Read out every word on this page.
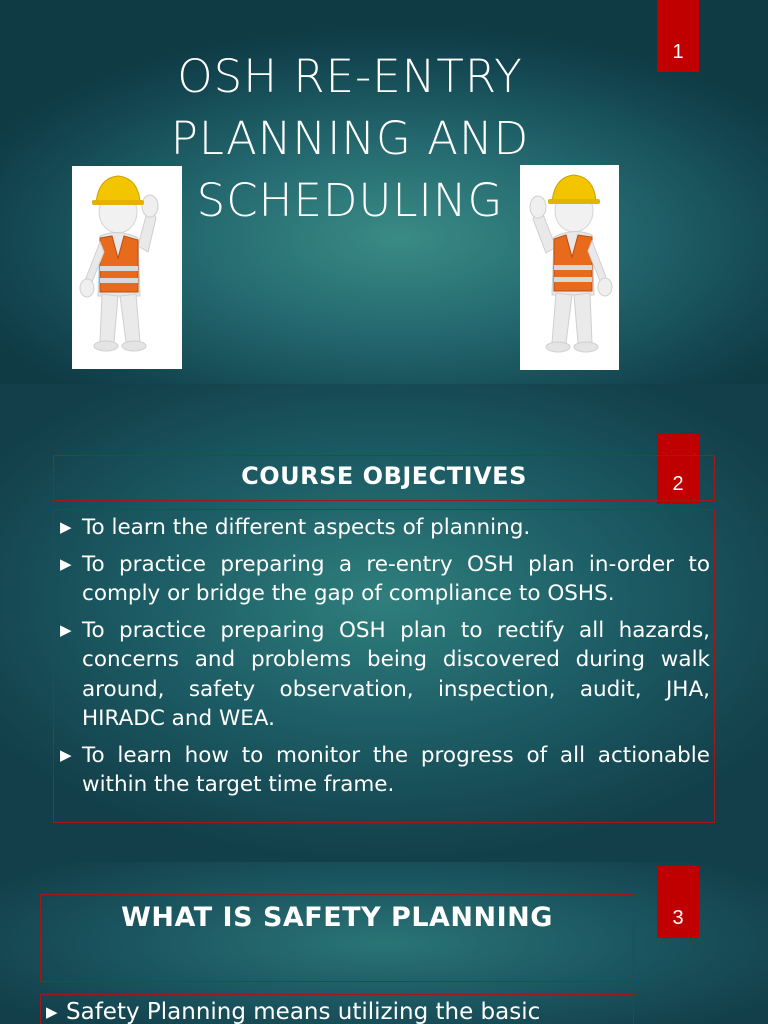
1
OSH RE-ENTRY
PLANNING AND
SCHEDULING
2
COURSE OBJECTIVES
▶ To learn the different aspects of planning.
▶ To practice preparing a re-entry OSH plan in-order to comply or bridge the gap of compliance to OSHS.
▶ To practice preparing OSH plan to rectify all hazards, concerns and problems being discovered during walk around, safety observation, inspection, audit, JHA, HIRADC and WEA.
▶ To learn how to monitor the progress of all actionable within the target time frame.
3
WHAT IS SAFETY PLANNING
▶ Safety Planning means utilizing the basic
